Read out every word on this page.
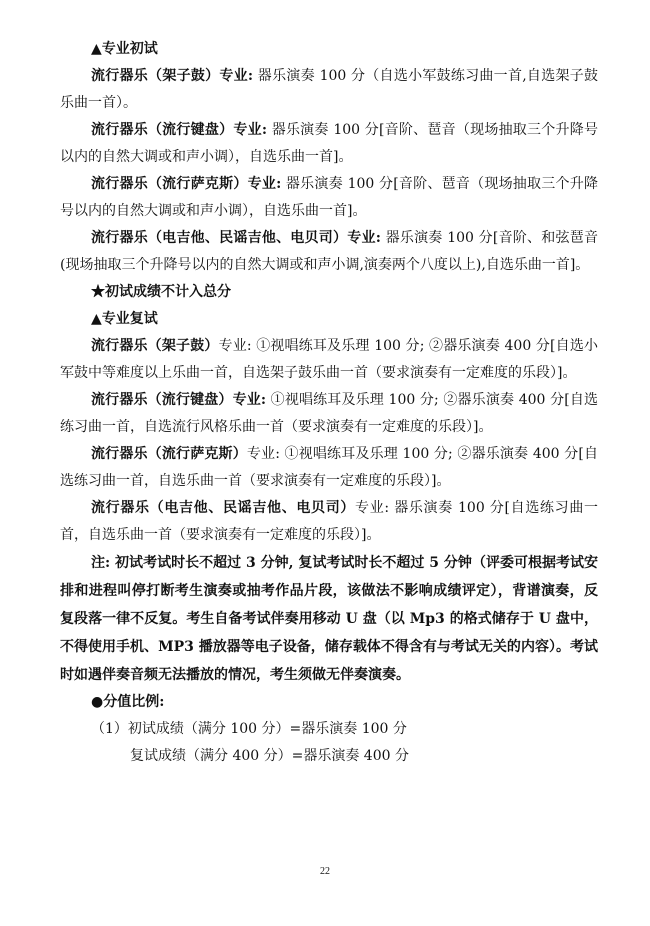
▲专业初试

流行器乐（架子鼓）专业: 器乐演奏 100 分（自选小军鼓练习曲一首,自选架子鼓乐曲一首）。

流行器乐（流行键盘）专业: 器乐演奏 100 分[音阶、琶音（现场抽取三个升降号以内的自然大调或和声小调），自选乐曲一首]。

流行器乐（流行萨克斯）专业: 器乐演奏 100 分[音阶、琶音（现场抽取三个升降号以内的自然大调或和声小调），自选乐曲一首]。

流行器乐（电吉他、民谣吉他、电贝司）专业: 器乐演奏 100 分[音阶、和弦琶音(现场抽取三个升降号以内的自然大调或和声小调,演奏两个八度以上),自选乐曲一首]。

★初试成绩不计入总分

▲专业复试

流行器乐（架子鼓）专业: ①视唱练耳及乐理 100 分; ②器乐演奏 400 分[自选小军鼓中等难度以上乐曲一首，自选架子鼓乐曲一首（要求演奏有一定难度的乐段）]。

流行器乐（流行键盘）专业: ①视唱练耳及乐理 100 分; ②器乐演奏 400 分[自选练习曲一首，自选流行风格乐曲一首（要求演奏有一定难度的乐段）]。

流行器乐（流行萨克斯）专业: ①视唱练耳及乐理 100 分; ②器乐演奏 400 分[自选练习曲一首，自选乐曲一首（要求演奏有一定难度的乐段）]。

流行器乐（电吉他、民谣吉他、电贝司）专业: 器乐演奏 100 分[自选练习曲一首，自选乐曲一首（要求演奏有一定难度的乐段）]。

注: 初试考试时长不超过 3 分钟, 复试考试时长不超过 5 分钟（评委可根据考试安排和进程叫停打断考生演奏或抽考作品片段，该做法不影响成绩评定），背谱演奏，反复段落一律不反复。考生自备考试伴奏用移动 U 盘（以 Mp3 的格式储存于 U 盘中，不得使用手机、MP3 播放器等电子设备，储存载体不得含有与考试无关的内容）。考试时如遇伴奏音频无法播放的情况，考生须做无伴奏演奏。

●分值比例:

（1）初试成绩（满分 100 分）=器乐演奏 100 分

复试成绩（满分 400 分）=器乐演奏 400 分

22
